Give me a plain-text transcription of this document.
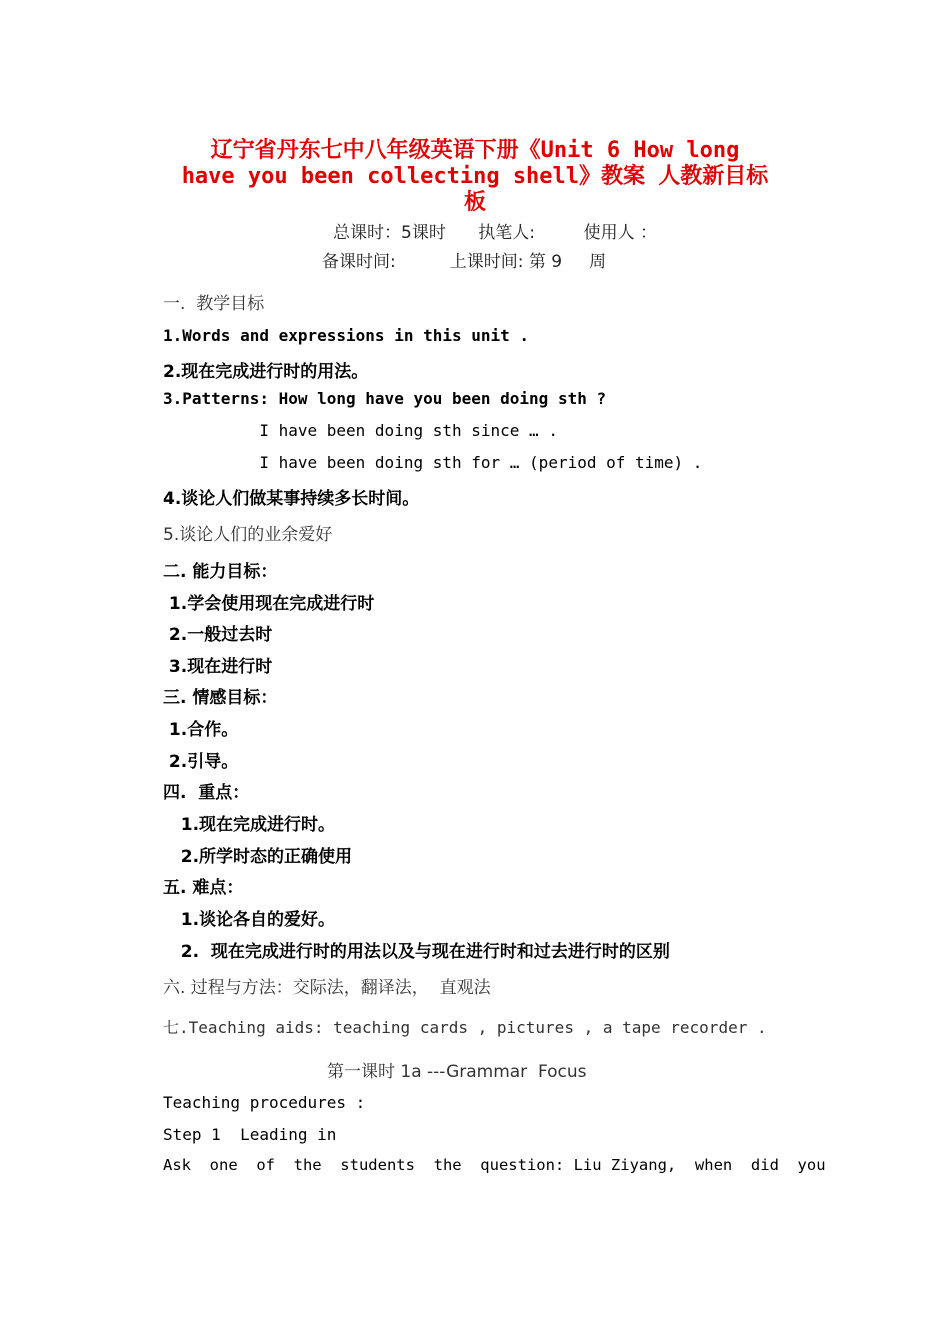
辽宁省丹东七中八年级英语下册《Unit 6 How long
have you been collecting shell》教案 人教新目标
板
总课时：5课时      执笔人:         使用人 ：
备课时间:          上课时间: 第 9     周
一.  教学目标
1.Words and expressions in this unit .
2.现在完成进行时的用法。
3.Patterns: How long have you been doing sth ?
I have been doing sth since … .
I have been doing sth for … (period of time) .
4.谈论人们做某事持续多长时间。
5.谈论人们的业余爱好
二. 能力目标：
1.学会使用现在完成进行时
2.一般过去时
3.现在进行时
三. 情感目标：
1.合作。
2.引导。
四.  重点：
1.现在完成进行时。
2.所学时态的正确使用
五. 难点：
1.谈论各自的爱好。
2.  现在完成进行时的用法以及与现在进行时和过去进行时的区别
六. 过程与方法：交际法，翻译法，  直观法
七.Teaching aids: teaching cards , pictures , a tape recorder .
第一课时 1a ---Grammar  Focus
Teaching procedures :
Step 1  Leading in
Ask  one  of  the  students  the  question: Liu Ziyang,  when  did  you
